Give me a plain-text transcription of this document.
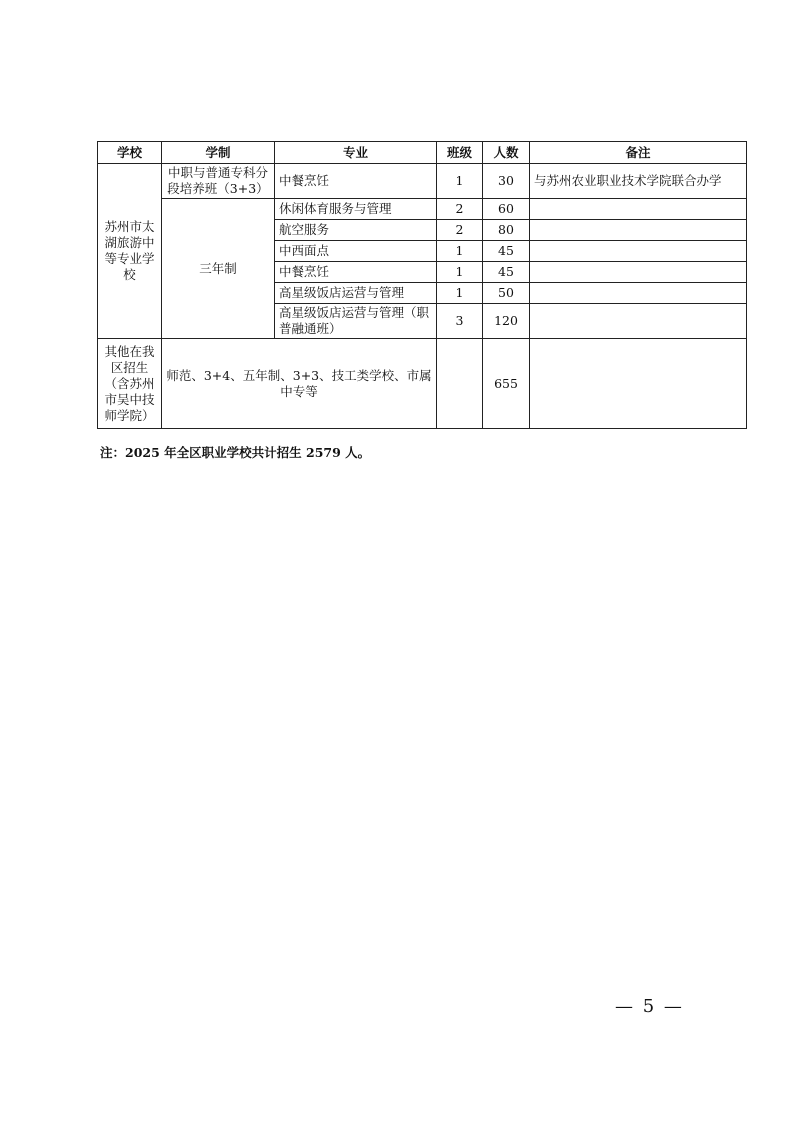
学校	学制	专业	班级	人数	备注
苏州市太湖旅游中等专业学校	中职与普通专科分段培养班（3+3）	中餐烹饪	1	30	与苏州农业职业技术学院联合办学
	三年制	休闲体育服务与管理	2	60	
		航空服务	2	80	
		中西面点	1	45	
		中餐烹饪	1	45	
		高星级饭店运营与管理	1	50	
		高星级饭店运营与管理（职普融通班）	3	120	
其他在我区招生（含苏州市吴中技师学院）	师范、3+4、五年制、3+3、技工类学校、市属中专等			655	
注：2025 年全区职业学校共计招生 2579 人。
— 5 —
